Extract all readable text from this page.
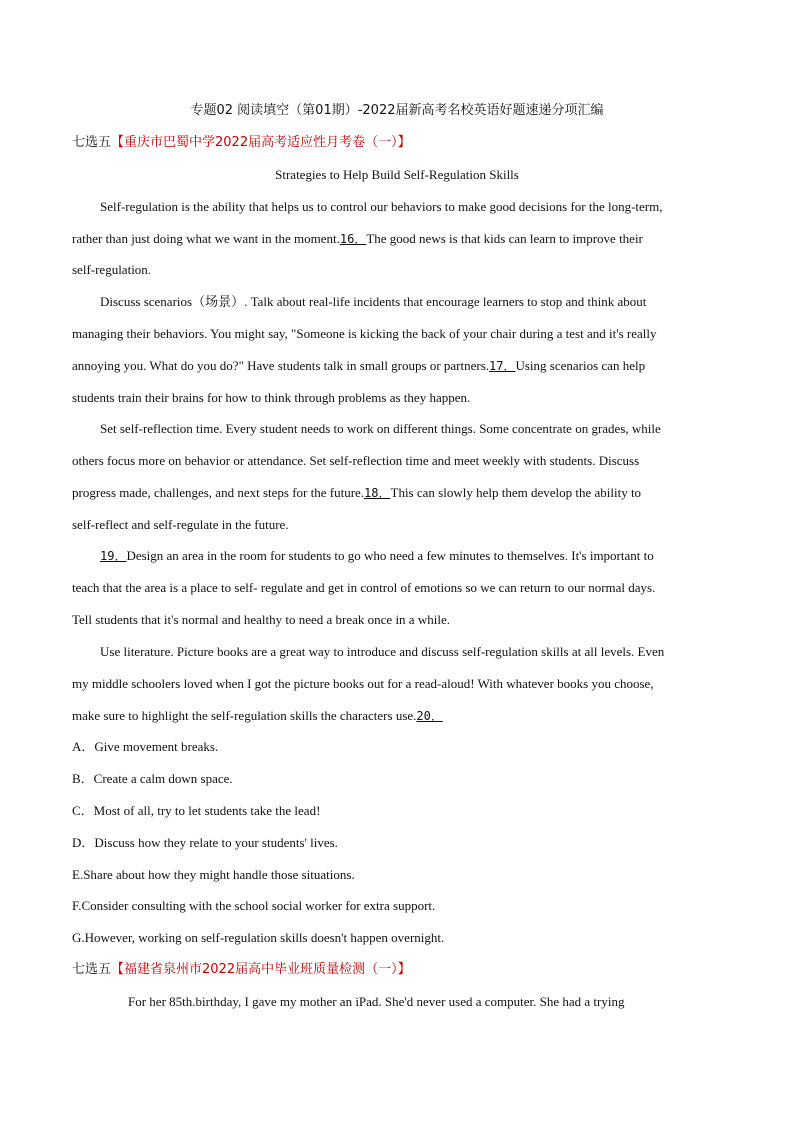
专题02 阅读填空（第01期）-2022届新高考名校英语好题速递分项汇编
七选五【重庆市巴蜀中学2022届高考适应性月考卷（一）】
Strategies to Help Build Self-Regulation Skills
Self-regulation is the ability that helps us to control our behaviors to make good decisions for the long-term,
rather than just doing what we want in the moment.16．The good news is that kids can learn to improve their
self-regulation.
Discuss scenarios（场景）. Talk about real-life incidents that encourage learners to stop and think about
managing their behaviors. You might say, "Someone is kicking the back of your chair during a test and it's really
annoying you. What do you do?" Have students talk in small groups or partners.17．Using scenarios can help
students train their brains for how to think through problems as they happen.
Set self-reflection time. Every student needs to work on different things. Some concentrate on grades, while
others focus more on behavior or attendance. Set self-reflection time and meet weekly with students. Discuss
progress made, challenges, and next steps for the future.18．This can slowly help them develop the ability to
self-reflect and self-regulate in the future.
19．Design an area in the room for students to go who need a few minutes to themselves. It's important to
teach that the area is a place to self- regulate and get in control of emotions so we can return to our normal days.
Tell students that it's normal and healthy to need a break once in a while.
Use literature. Picture books are a great way to introduce and discuss self-regulation skills at all levels. Even
my middle schoolers loved when I got the picture books out for a read-aloud! With whatever books you choose,
make sure to highlight the self-regulation skills the characters use.20．
A．Give movement breaks.
B．Create a calm down space.
C．Most of all, try to let students take the lead!
D．Discuss how they relate to your students' lives.
E.Share about how they might handle those situations.
F.Consider consulting with the school social worker for extra support.
G.However, working on self-regulation skills doesn't happen overnight.
七选五【福建省泉州市2022届高中毕业班质量检测（一）】
For her 85th.birthday, I gave my mother an iPad. She'd never used a computer. She had a trying
